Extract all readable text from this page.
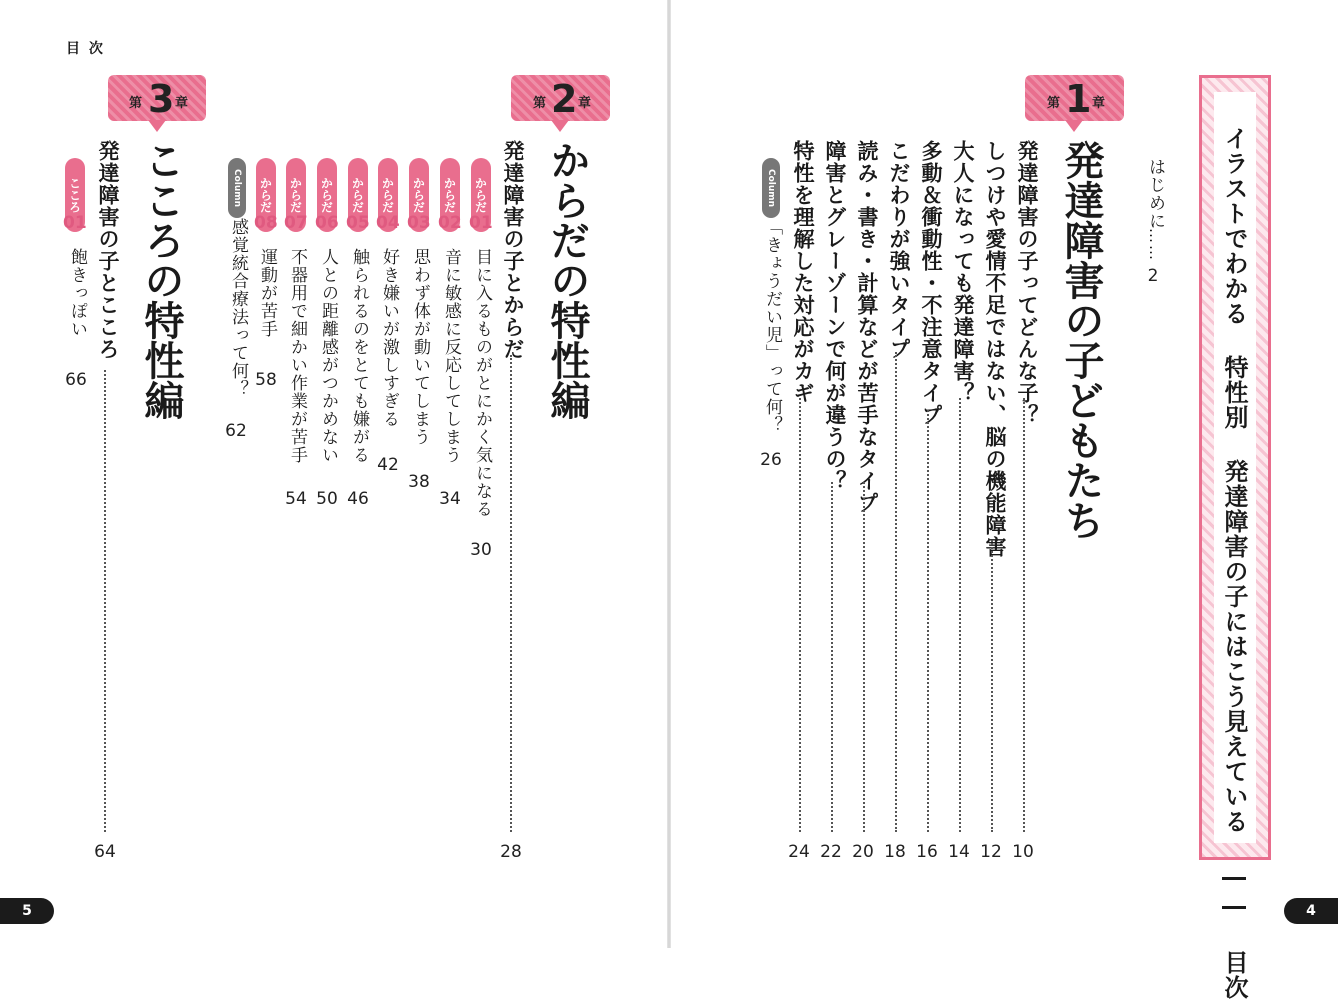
目 次
第 3 章
こころの特性編
発達障害の子とこころ
64
こころ
01
飽きっぽい
66
第 2 章
からだの特性編
発達障害の子とからだ
28
からだ
01
目に入るものがとにかく気になる
30
からだ
02
音に敏感に反応してしまう
34
からだ
03
思わず体が動いてしまう
38
からだ
04
好き嫌いが激しすぎる
42
からだ
05
触られるのをとても嫌がる
46
からだ
06
人との距離感がつかめない
50
からだ
07
不器用で細かい作業が苦手
54
からだ
08
運動が苦手
58
Column
感覚統合療法って何？
62
5	イラストでわかる 特性別 発達障害の子にはこう見えている ―― 目次
はじめに
……
2
第 1 章
発達障害の子どもたち
発達障害の子ってどんな子？
10
しつけや愛情不足ではない、脳の機能障害
12
大人になっても発達障害？
14
多動＆衝動性・不注意タイプ
16
こだわりが強いタイプ
18
読み・書き・計算などが苦手なタイプ
20
障害とグレーゾーンで何が違うの？
22
特性を理解した対応がカギ
24
Column
「きょうだい児」って何？
26
4
